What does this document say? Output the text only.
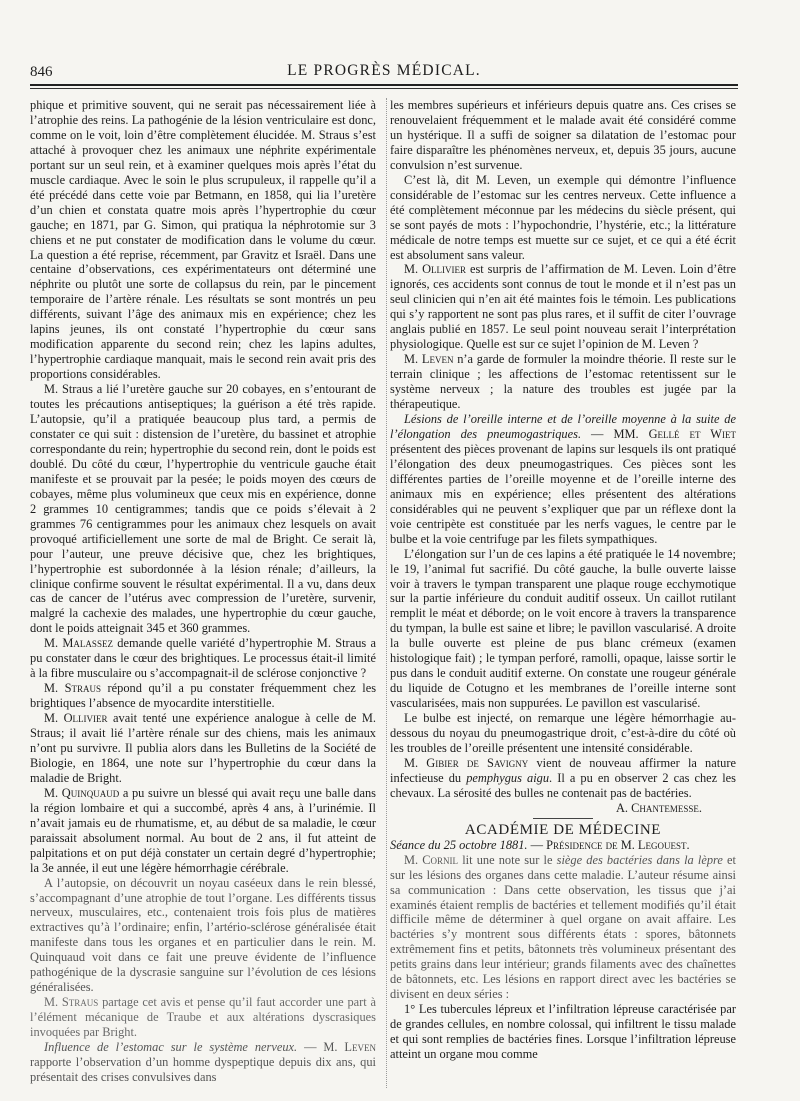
846	LE PROGRÈS MÉDICAL.

phique et primitive souvent, qui ne serait pas nécessairement liée à l’atrophie des reins. La pathogénie de la lésion ventriculaire est donc, comme on le voit, loin d’être complètement élucidée. M. Straus s’est attaché à provoquer chez les animaux une néphrite expérimentale portant sur un seul rein, et à examiner quelques mois après l’état du muscle cardiaque. Avec le soin le plus scrupuleux, il rappelle qu’il a été précédé dans cette voie par Betmann, en 1858, qui lia l’uretère d’un chien et constata quatre mois après l’hypertrophie du cœur gauche; en 1871, par G. Simon, qui pratiqua la néphrotomie sur 3 chiens et ne put constater de modification dans le volume du cœur. La question a été reprise, récemment, par Gravitz et Israël. Dans une centaine d’observations, ces expérimentateurs ont déterminé une néphrite ou plutôt une sorte de collapsus du rein, par le pincement temporaire de l’artère rénale. Les résultats se sont montrés un peu différents, suivant l’âge des animaux mis en expérience; chez les lapins jeunes, ils ont constaté l’hypertrophie du cœur sans modification apparente du second rein; chez les lapins adultes, l’hypertrophie cardiaque manquait, mais le second rein avait pris des proportions considérables.

M. Straus a lié l’uretère gauche sur 20 cobayes, en s’entourant de toutes les précautions antiseptiques; la guérison a été très rapide. L’autopsie, qu’il a pratiquée beaucoup plus tard, a permis de constater ce qui suit : distension de l’uretère, du bassinet et atrophie correspondante du rein; hypertrophie du second rein, dont le poids est doublé. Du côté du cœur, l’hypertrophie du ventricule gauche était manifeste et se prouvait par la pesée; le poids moyen des cœurs de cobayes, même plus volumineux que ceux mis en expérience, donne 2 grammes 10 centigrammes; tandis que ce poids s’élevait à 2 grammes 76 centigrammes pour les animaux chez lesquels on avait provoqué artificiellement une sorte de mal de Bright. Ce serait là, pour l’auteur, une preuve décisive que, chez les brightiques, l’hypertrophie est subordonnée à la lésion rénale; d’ailleurs, la clinique confirme souvent le résultat expérimental. Il a vu, dans deux cas de cancer de l’utérus avec compression de l’uretère, survenir, malgré la cachexie des malades, une hypertrophie du cœur gauche, dont le poids atteignait 345 et 360 grammes.

M. Malassez demande quelle variété d’hypertrophie M. Straus a pu constater dans le cœur des brightiques. Le processus était-il limité à la fibre musculaire ou s’accompagnait-il de sclérose conjonctive ?

M. Straus répond qu’il a pu constater fréquemment chez les brightiques l’absence de myocardite interstitielle.

M. Ollivier avait tenté une expérience analogue à celle de M. Straus; il avait lié l’artère rénale sur des chiens, mais les animaux n’ont pu survivre. Il publia alors dans les Bulletins de la Société de Biologie, en 1864, une note sur l’hypertrophie du cœur dans la maladie de Bright.

M. Quinquaud a pu suivre un blessé qui avait reçu une balle dans la région lombaire et qui a succombé, après 4 ans, à l’urinémie. Il n’avait jamais eu de rhumatisme, et, au début de sa maladie, le cœur paraissait absolument normal. Au bout de 2 ans, il fut atteint de palpitations et on put déjà constater un certain degré d’hypertrophie; la 3e année, il eut une légère hémorrhagie cérébrale.

A l’autopsie, on découvrit un noyau caséeux dans le rein blessé, s’accompagnant d’une atrophie de tout l’organe. Les différents tissus nerveux, musculaires, etc., contenaient trois fois plus de matières extractives qu’à l’ordinaire; enfin, l’artério-sclérose généralisée était manifeste dans tous les organes et en particulier dans le rein. M. Quinquaud voit dans ce fait une preuve évidente de l’influence pathogénique de la dyscrasie sanguine sur l’évolution de ces lésions généralisées.

M. Straus partage cet avis et pense qu’il faut accorder une part à l’élément mécanique de Traube et aux altérations dyscrasiques invoquées par Bright.

Influence de l’estomac sur le système nerveux. — M. Leven rapporte l’observation d’un homme dyspeptique depuis dix ans, qui présentait des crises convulsives dans

les membres supérieurs et inférieurs depuis quatre ans. Ces crises se renouvelaient fréquemment et le malade avait été considéré comme un hystérique. Il a suffi de soigner sa dilatation de l’estomac pour faire disparaître les phénomènes nerveux, et, depuis 35 jours, aucune convulsion n’est survenue.

C’est là, dit M. Leven, un exemple qui démontre l’influence considérable de l’estomac sur les centres nerveux. Cette influence a été complètement méconnue par les médecins du siècle présent, qui se sont payés de mots : l’hypochondrie, l’hystérie, etc.; la littérature médicale de notre temps est muette sur ce sujet, et ce qui a été écrit est absolument sans valeur.

M. Ollivier est surpris de l’affirmation de M. Leven. Loin d’être ignorés, ces accidents sont connus de tout le monde et il n’est pas un seul clinicien qui n’en ait été maintes fois le témoin. Les publications qui s’y rapportent ne sont pas plus rares, et il suffit de citer l’ouvrage anglais publié en 1857. Le seul point nouveau serait l’interprétation physiologique. Quelle est sur ce sujet l’opinion de M. Leven ?

M. Leven n’a garde de formuler la moindre théorie. Il reste sur le terrain clinique ; les affections de l’estomac retentissent sur le système nerveux ; la nature des troubles est jugée par la thérapeutique.

Lésions de l’oreille interne et de l’oreille moyenne à la suite de l’élongation des pneumogastriques. — MM. Gellé et Wiet présentent des pièces provenant de lapins sur lesquels ils ont pratiqué l’élongation des deux pneumogastriques. Ces pièces sont les différentes parties de l’oreille moyenne et de l’oreille interne des animaux mis en expérience; elles présentent des altérations considérables qui ne peuvent s’expliquer que par un réflexe dont la voie centripète est constituée par les nerfs vagues, le centre par le bulbe et la voie centrifuge par les filets sympathiques.

L’élongation sur l’un de ces lapins a été pratiquée le 14 novembre; le 19, l’animal fut sacrifié. Du côté gauche, la bulle ouverte laisse voir à travers le tympan transparent une plaque rouge ecchymotique sur la partie inférieure du conduit auditif osseux. Un caillot rutilant remplit le méat et déborde; on le voit encore à travers la transparence du tympan, la bulle est saine et libre; le pavillon vascularisé. A droite la bulle ouverte est pleine de pus blanc crémeux (examen histologique fait) ; le tympan perforé, ramolli, opaque, laisse sortir le pus dans le conduit auditif externe. On constate une rougeur générale du liquide de Cotugno et les membranes de l’oreille interne sont vascularisées, mais non suppurées. Le pavillon est vascularisé.

Le bulbe est injecté, on remarque une légère hémorrhagie au-dessous du noyau du pneumogastrique droit, c’est-à-dire du côté où les troubles de l’oreille présentent une intensité considérable.

M. Gibier de Savigny vient de nouveau affirmer la nature infectieuse du pemphygus aigu. Il a pu en observer 2 cas chez les chevaux. La sérosité des bulles ne contenait pas de bactéries.

A. Chantemesse.

ACADÉMIE DE MÉDECINE

Séance du 25 octobre 1881. — Présidence de M. Legouest.

M. Cornil lit une note sur le siège des bactéries dans la lèpre et sur les lésions des organes dans cette maladie. L’auteur résume ainsi sa communication : Dans cette observation, les tissus que j’ai examinés étaient remplis de bactéries et tellement modifiés qu’il était difficile même de déterminer à quel organe on avait affaire. Les bactéries s’y montrent sous différents états : spores, bâtonnets extrêmement fins et petits, bâtonnets très volumineux présentant des petits grains dans leur intérieur; grands filaments avec des chaînettes de bâtonnets, etc. Les lésions en rapport direct avec les bactéries se divisent en deux séries :

1° Les tubercules lépreux et l’infiltration lépreuse caractérisée par de grandes cellules, en nombre colossal, qui infiltrent le tissu malade et qui sont remplies de bactéries fines. Lorsque l’infiltration lépreuse atteint un organe mou comme
